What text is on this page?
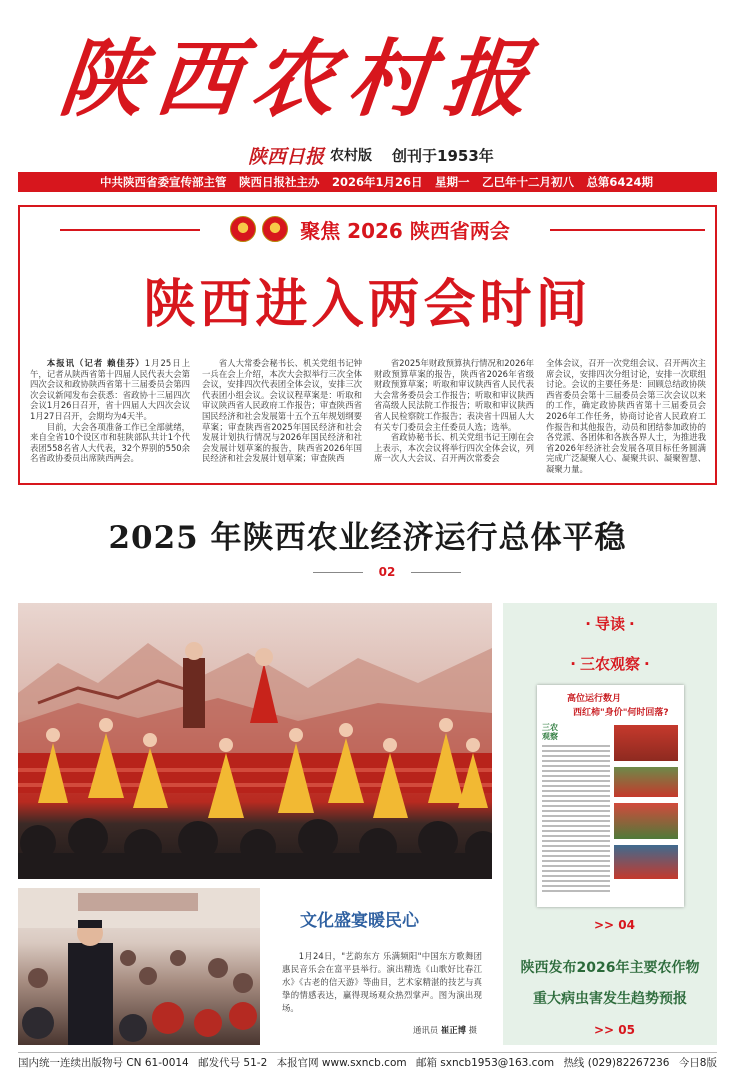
陕西农村报
陕西日报 农村版 创刊于1953年
中共陕西省委宣传部主管 陕西日报社主办 2026年1月26日 星期一 乙巳年十二月初八 总第6424期
聚焦 2026 陕西省两会
陕西进入两会时间

本报讯（记者 赖佳芬）1月25日上午，记者从陕西省第十四届人民代表大会第四次会议和政协陕西省第十三届委员会第四次会议新闻发布会获悉：省政协十三届四次会议1月26日召开，省十四届人大四次会议1月27日召开，会期均为4天半。

目前，大会各项准备工作已全部就绪，来自全省10个设区市和驻陕部队共计1个代表团558名省人大代表，32个界别的550余名省政协委员出席陕西两会。

省人大常委会秘书长、机关党组书记钟一兵在会上介绍，本次大会拟举行三次全体会议，安排四次代表团全体会议，安排三次代表团小组会议。会议议程草案是：听取和审议陕西省人民政府工作报告；审查陕西省国民经济和社会发展第十五个五年规划纲要草案；审查陕西省2025年国民经济和社会发展计划执行情况与2026年国民经济和社会发展计划草案的报告，陕西省2026年国民经济和社会发展计划草案；审查陕西

省2025年财政预算执行情况和2026年财政预算草案的报告，陕西省2026年省级财政预算草案；听取和审议陕西省人民代表大会常务委员会工作报告；听取和审议陕西省高级人民法院工作报告；听取和审议陕西省人民检察院工作报告；表决省十四届人大有关专门委员会主任委员人选；选举。

省政协秘书长、机关党组书记王刚在会上表示，本次会议将举行四次全体会议，列席一次人大会议、召开两次常委会

全体会议，召开一次党组会议、召开两次主席会议，安排四次分组讨论，安排一次联组讨论。会议的主要任务是：回顾总结政协陕西省委员会第十三届委员会第三次会议以来的工作，确定政协陕西省第十三届委员会2026年工作任务，协商讨论省人民政府工作报告和其他报告，动员和团结参加政协的各党派、各团体和各族各界人士，为推进我省2026年经济社会发展各项目标任务圆满完成广泛凝聚人心、凝聚共识、凝聚智慧、凝聚力量。

2025 年陕西农业经济运行总体平稳
02
· 导读 ·
· 三农观察 ·
高位运行数月
西红柿"身价"何时回落?
三农观察
>> 04
陕西发布2026年主要农作物
重大病虫害发生趋势预报
>> 05
文化盛宴暖民心
1月24日，"艺韵东方 乐满频阳"中国东方歌舞团惠民音乐会在富平县举行。演出精选《山歌好比春江水》《古老的信天游》等曲目，艺术家精湛的技艺与真挚的情感表达，赢得现场观众热烈掌声。图为演出现场。
通讯员 崔正博 摄
国内统一连续出版物号 CN 61-0014 邮发代号 51-2 本报官网 www.sxncb.com 邮箱 sxncb1953@163.com 热线 (029)82267236 今日8版
